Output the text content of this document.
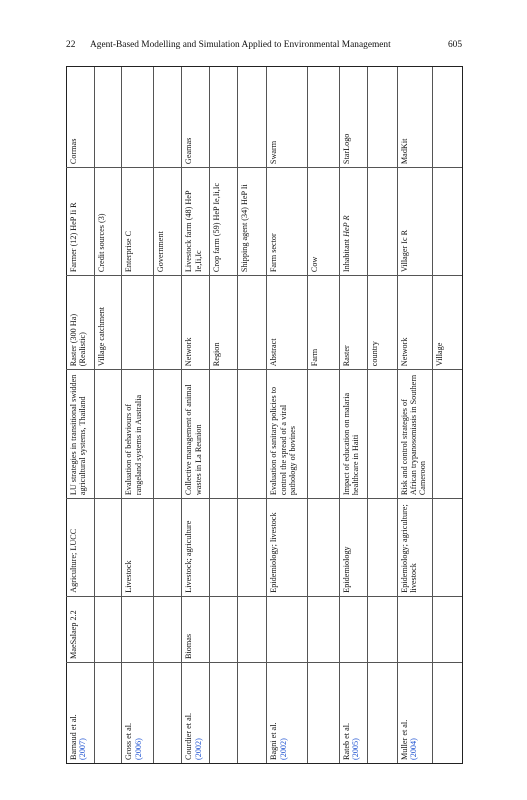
22	Agent-Based Modelling and Simulation Applied to Environmental Management	605
Barnaud et al.
(2007)	MaeSalaep 2.2	Agriculture; LUCC	LU strategies in transitional swidden agricultural systems, Thailand	Raster (300 Ha) (Realistic)	Farmer (12) HeP Ii R	Cormas
				Village catchment	Credit sources (3)	
Gross et al.
(2006)		Livestock	Evaluation of behaviours of rangeland systems in Australia		Enterprise C	
					Government	
Courdier et al.
(2002)	Biomas	Livestock; agriculture	Collective management of animal wastes in La Reunion	Network	Livestock farm (48) HeP Ie,Ii,Ic	Geamas
				Region	Crop farm (59) HeP Ie,Ii,Ic	
					Shipping agent (34) HeP Ii	
Bagni et al.
(2002)		Epidemiology; livestock	Evaluation of sanitary policies to control the spread of a viral pathology of bovines	Abstract	Farm sector	Swarm
				Farm	Cow	
Rateb et al.
(2005)		Epidemiology	Impact of education on malaria healthcare in Haiti	Raster	Inhabitant HeP R	StarLogo
				country		
Muller et al.
(2004)		Epidemiology; agriculture; livestock	Risk and control strategies of African trypanosomiasis in Southern Cameroon	Network	Villager Ic R	MadKit
				Village		
